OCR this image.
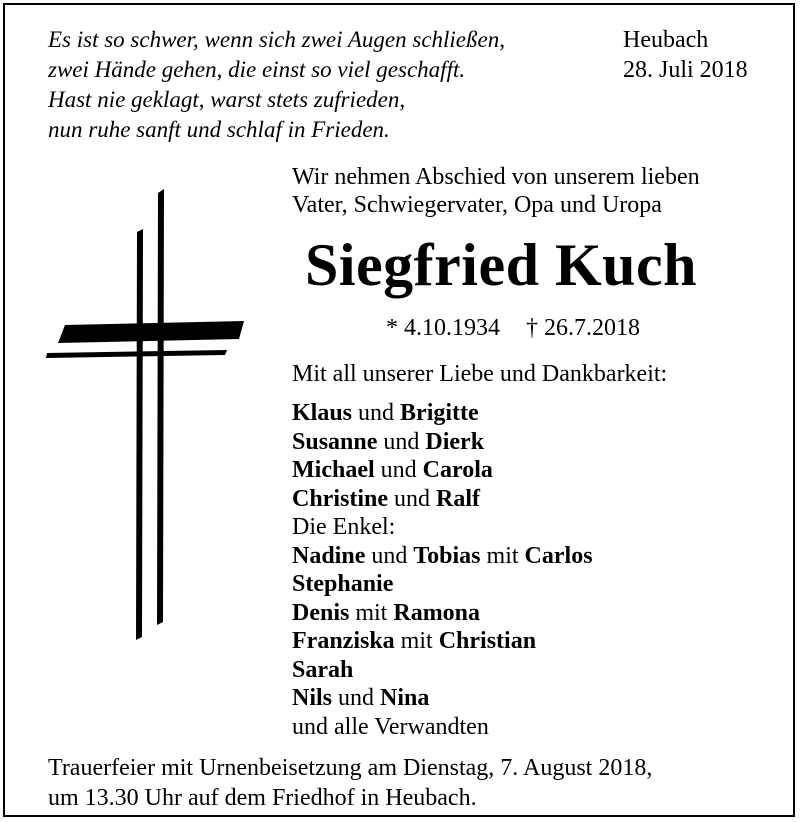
Es ist so schwer, wenn sich zwei Augen schließen,
zwei Hände gehen, die einst so viel geschafft.
Hast nie geklagt, warst stets zufrieden,
nun ruhe sanft und schlaf in Frieden.
Heubach
28. Juli 2018
Wir nehmen Abschied von unserem lieben
Vater, Schwiegervater, Opa und Uropa
Siegfried Kuch
* 4.10.1934 † 26.7.2018
Mit all unserer Liebe und Dankbarkeit:
Klaus und Brigitte
Susanne und Dierk
Michael und Carola
Christine und Ralf
Die Enkel:
Nadine und Tobias mit Carlos
Stephanie
Denis mit Ramona
Franziska mit Christian
Sarah
Nils und Nina
und alle Verwandten
Trauerfeier mit Urnenbeisetzung am Dienstag, 7. August 2018,
um 13.30 Uhr auf dem Friedhof in Heubach.
